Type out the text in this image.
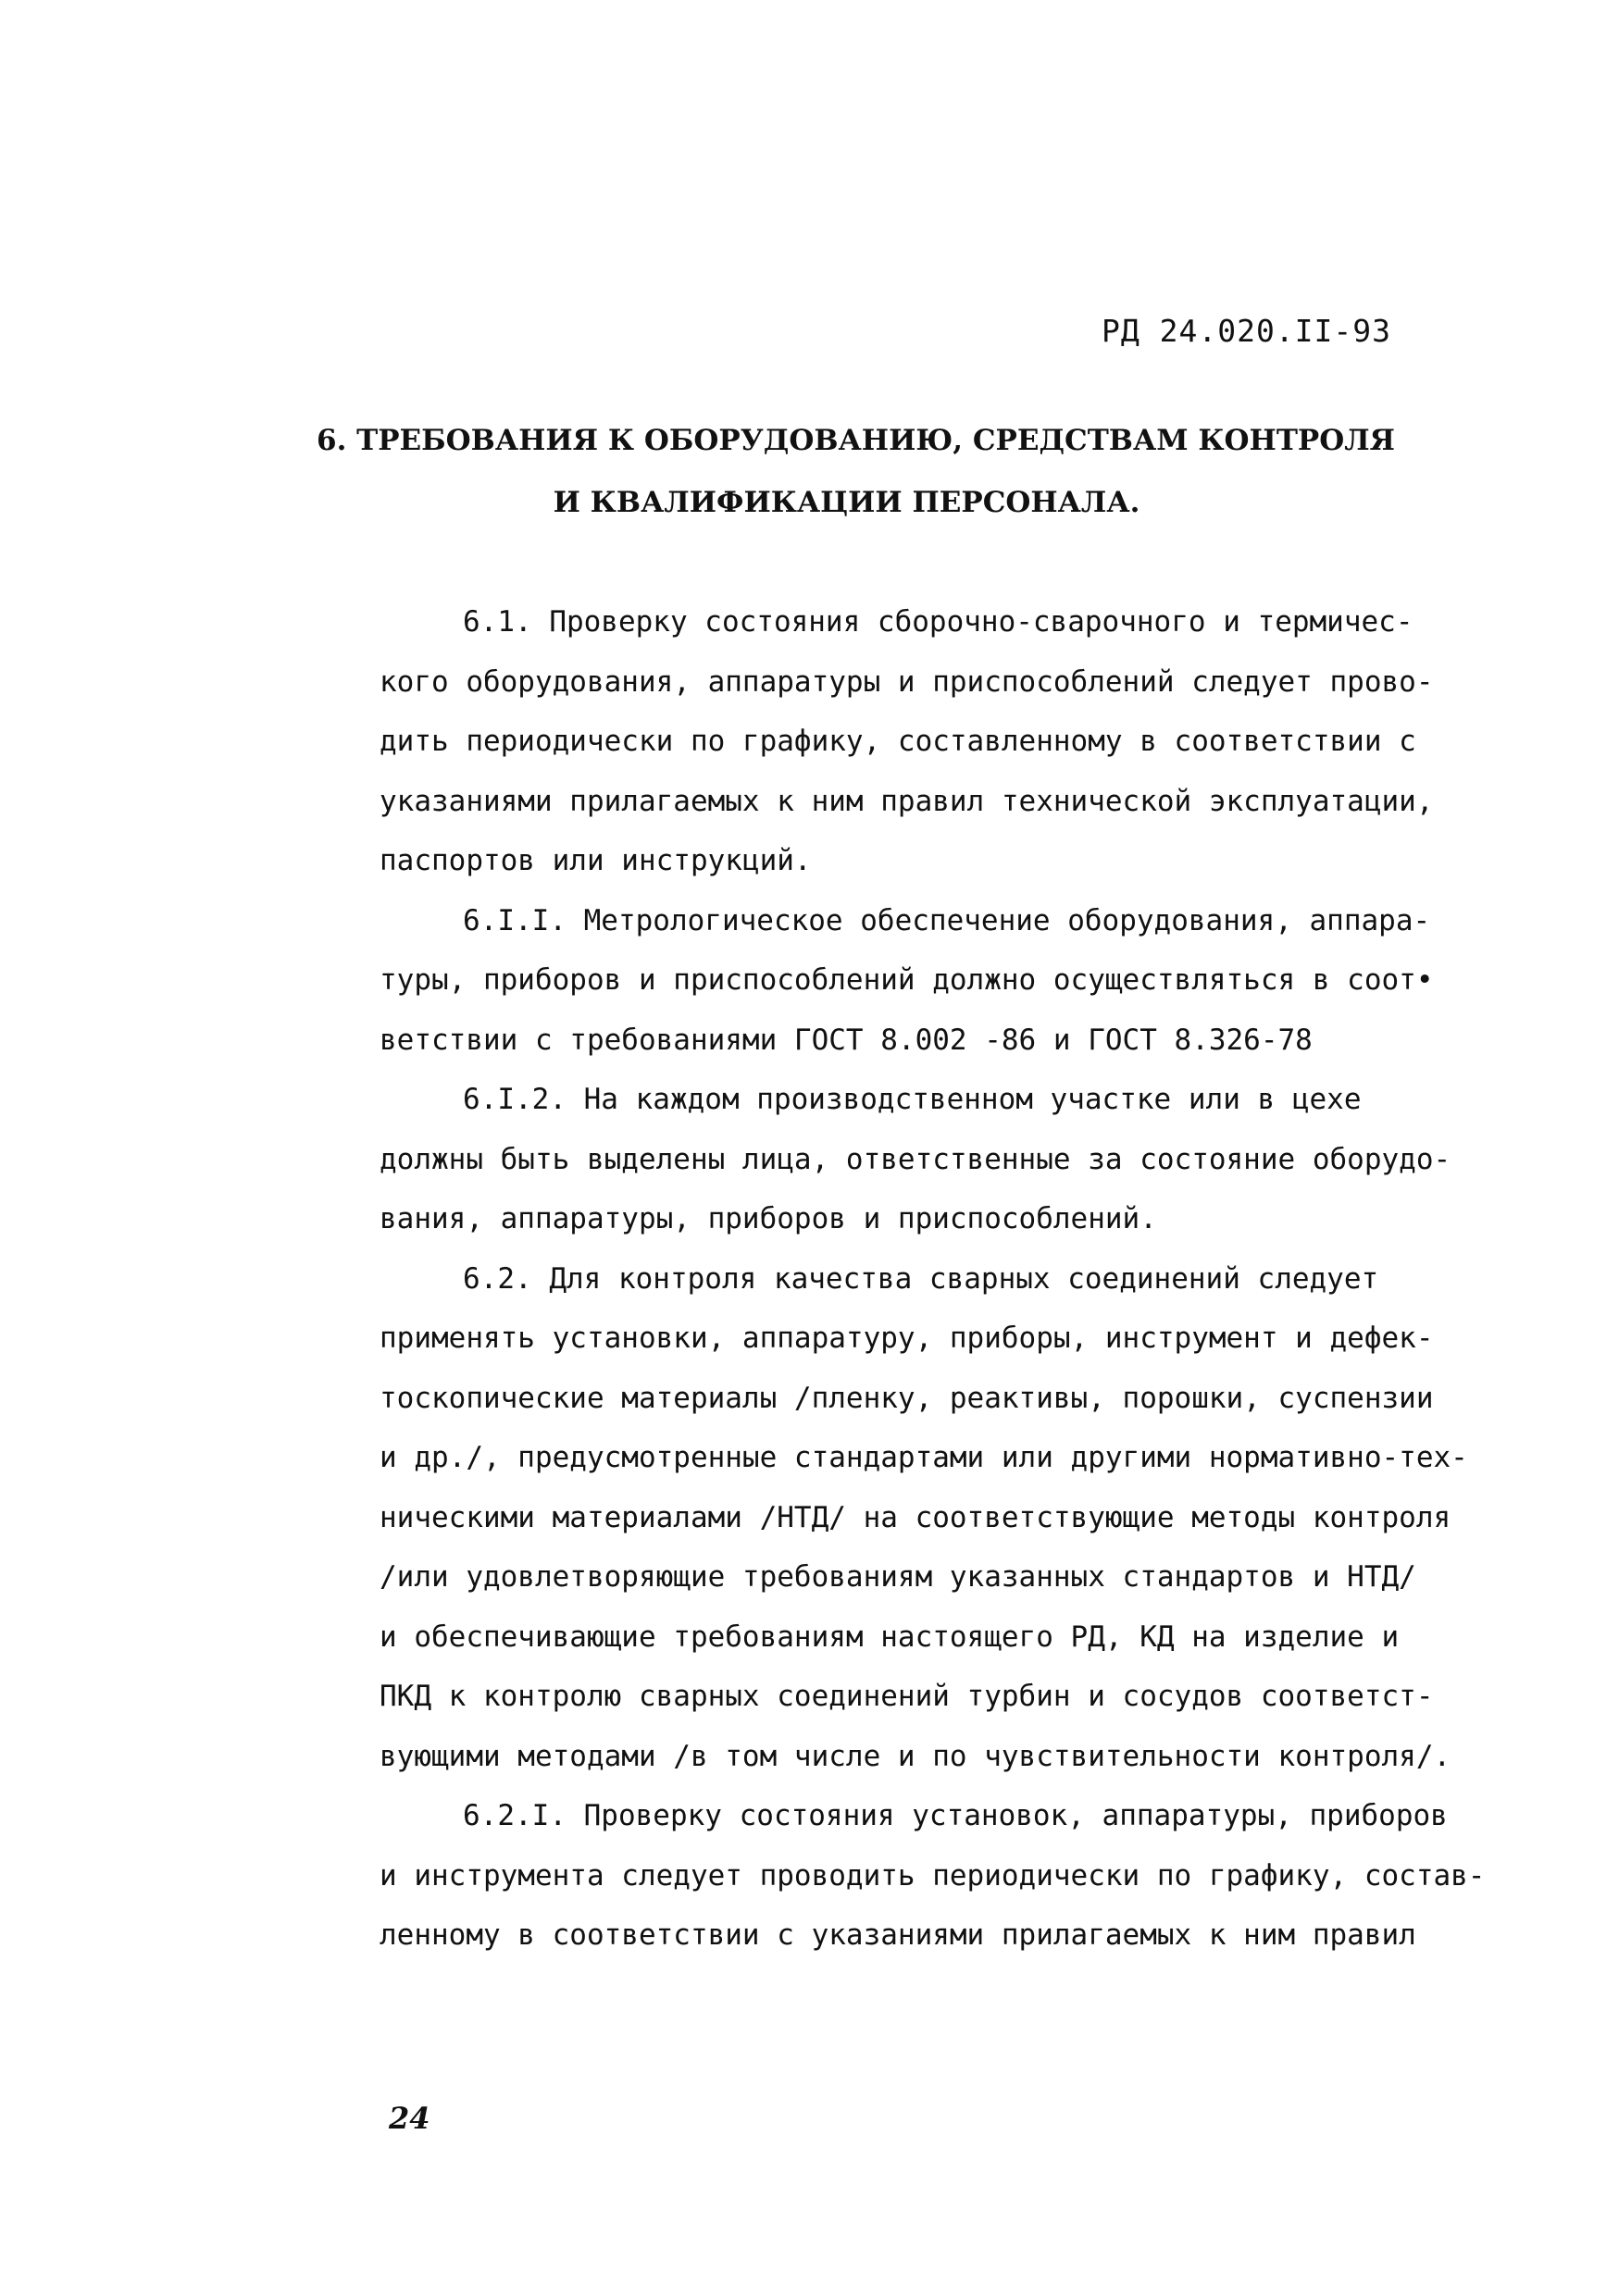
РД 24.020.II-93
6. ТРЕБОВАНИЯ К ОБОРУДОВАНИЮ, СРЕДСТВАМ КОНТРОЛЯ
И КВАЛИФИКАЦИИ ПЕРСОНАЛА.
6.1. Проверку состояния сборочно-сварочного и термичес-
кого оборудования, аппаратуры и приспособлений следует прово-
дить периодически по графику, составленному в соответствии с
указаниями прилагаемых к ним правил технической эксплуатации,
паспортов или инструкций.
6.I.I. Метрологическое обеспечение оборудования, аппара-
туры, приборов и приспособлений должно осуществляться в соот•
ветствии с требованиями ГОСТ 8.002 -86 и ГОСТ 8.326-78
6.I.2. На каждом производственном участке или в цехе
должны быть выделены лица, ответственные за состояние оборудо-
вания, аппаратуры, приборов и приспособлений.
6.2. Для контроля качества сварных соединений следует
применять установки, аппаратуру, приборы, инструмент и дефек-
тоскопические материалы /пленку, реактивы, порошки, суспензии
и др./, предусмотренные стандартами или другими нормативно-тех-
ническими материалами /НТД/ на соответствующие методы контроля
/или удовлетворяющие требованиям указанных стандартов и НТД/
и обеспечивающие требованиям настоящего РД, КД на изделие и
ПКД к контролю сварных соединений турбин и сосудов соответст-
вующими методами /в том числе и по чувствительности контроля/.
6.2.I. Проверку состояния установок, аппаратуры, приборов
и инструмента следует проводить периодически по графику, состав-
ленному в соответствии с указаниями прилагаемых к ним правил
24
